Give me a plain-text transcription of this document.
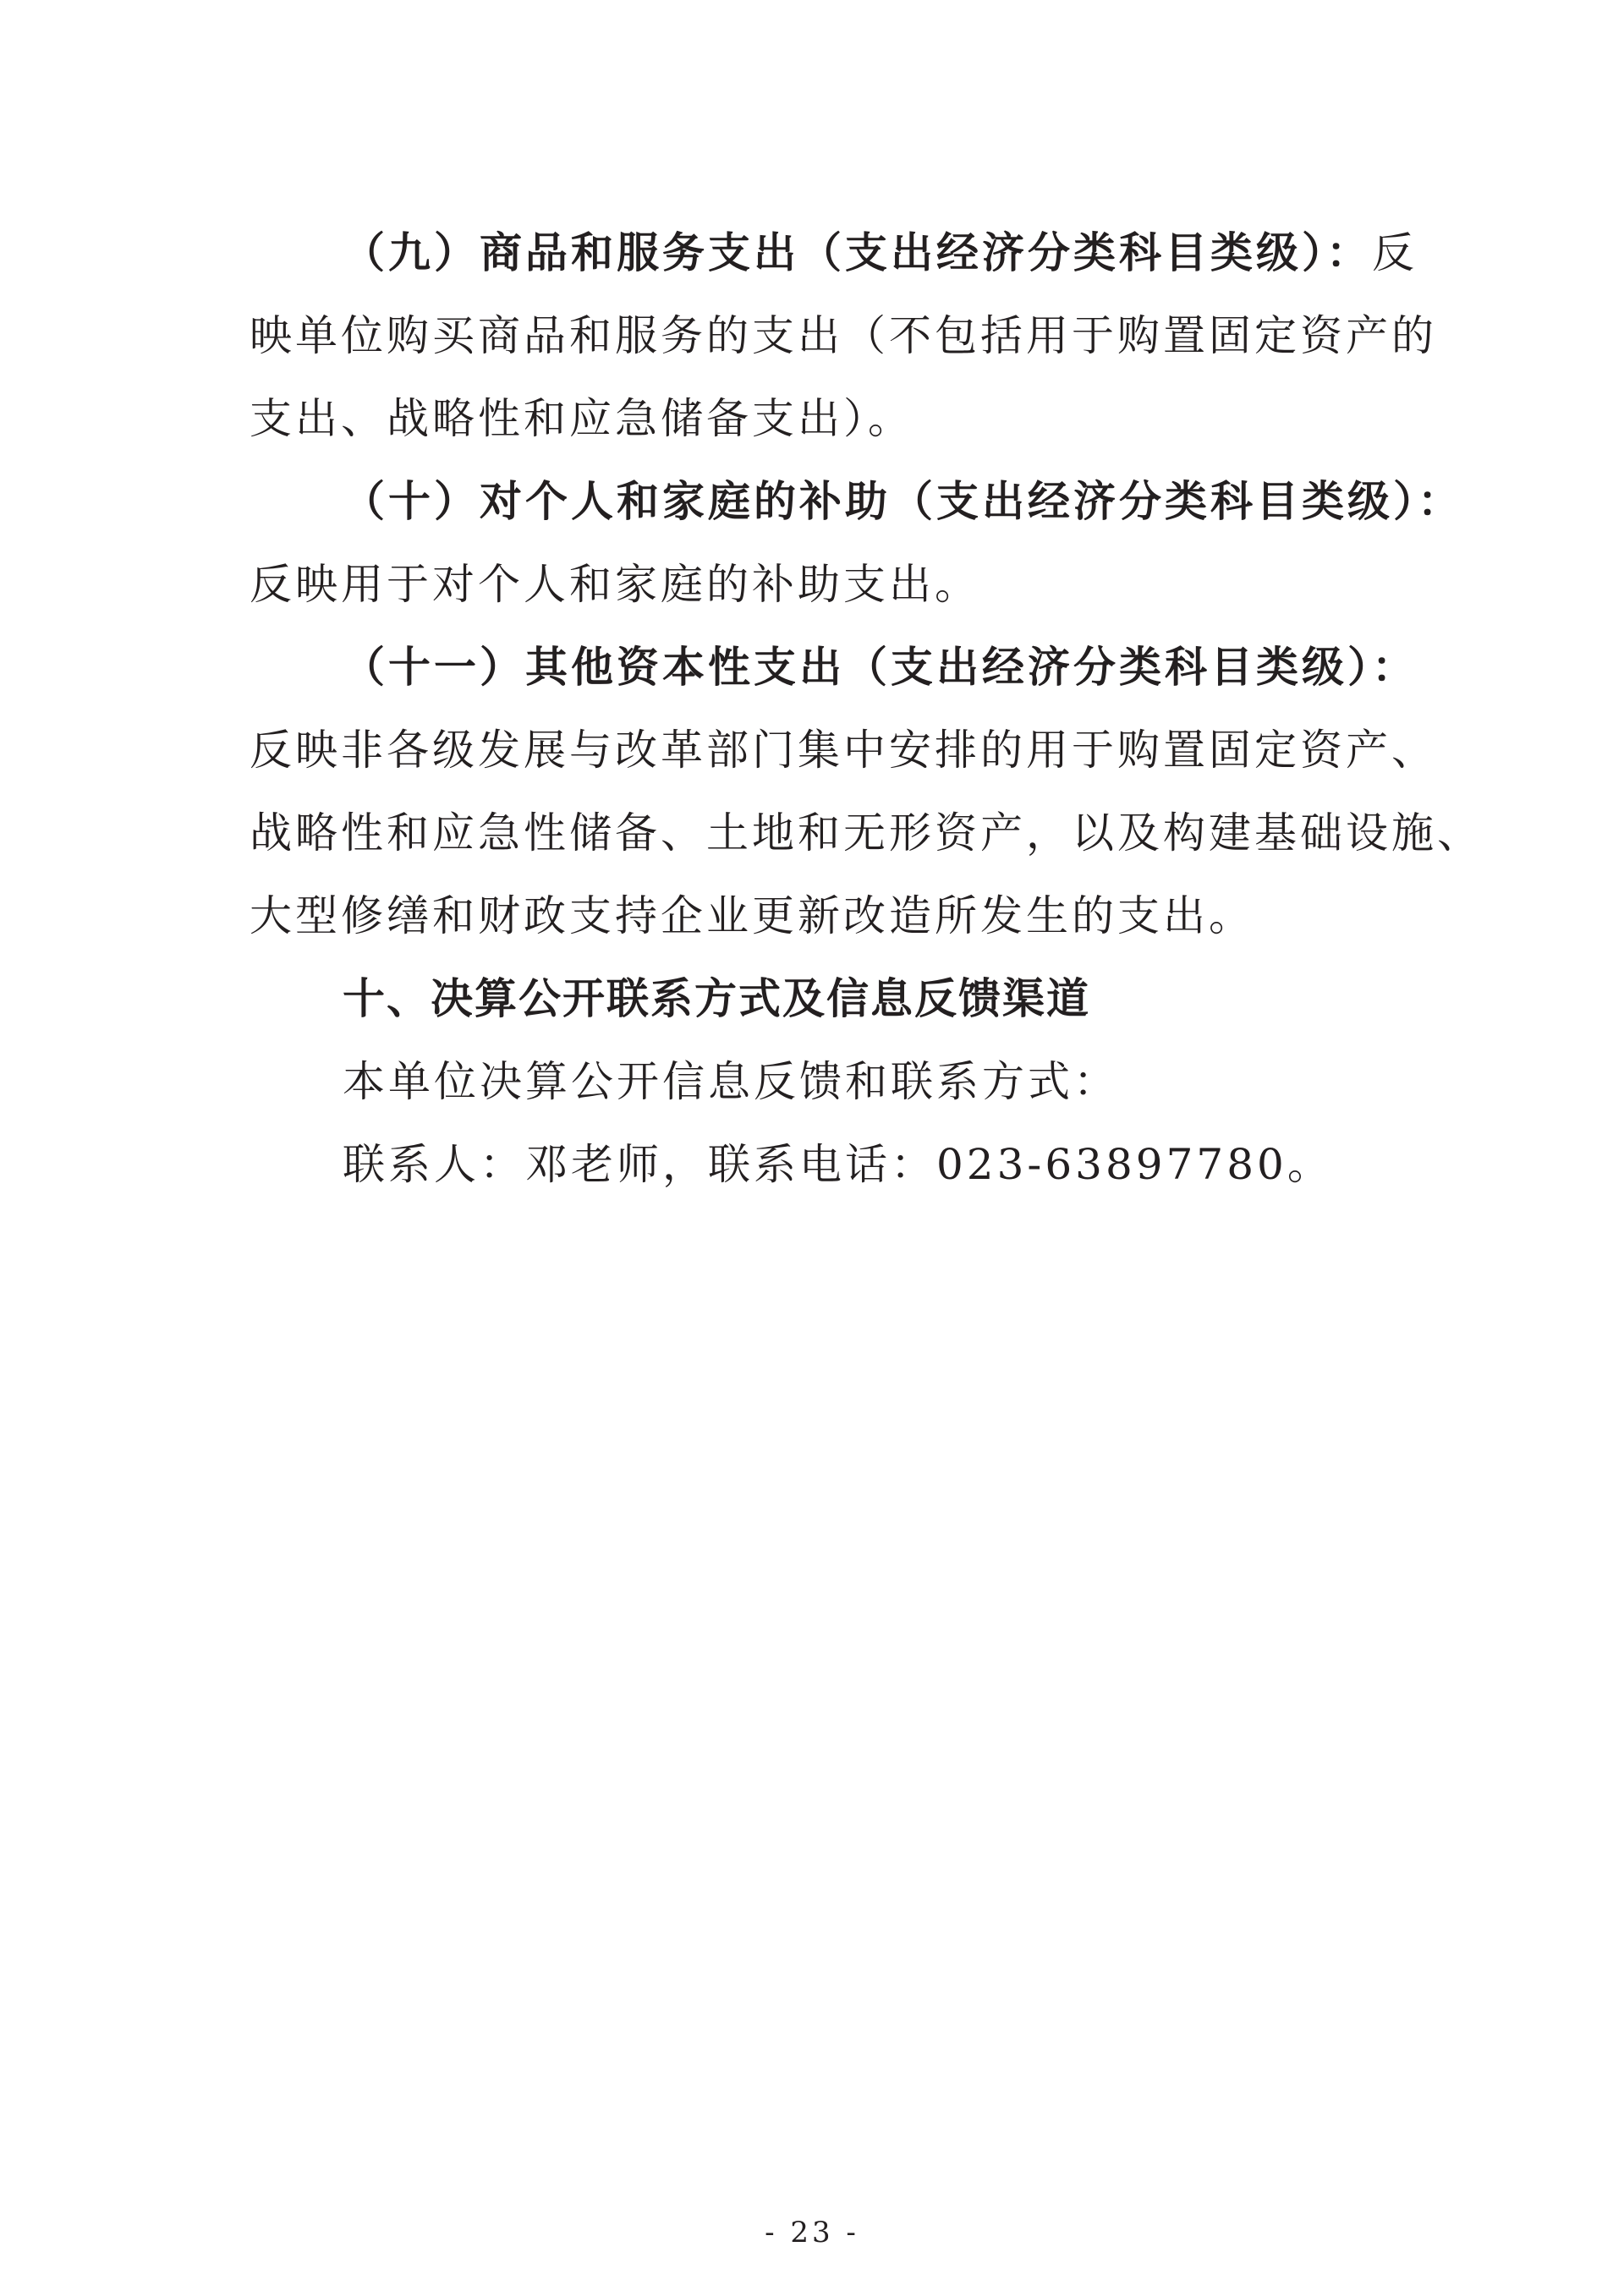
（九）商品和服务支出（支出经济分类科目类级）：反
映单位购买商品和服务的支出（不包括用于购置固定资产的
支出、战略性和应急储备支出）。
（十）对个人和家庭的补助（支出经济分类科目类级）：
反映用于对个人和家庭的补助支出。
（十一）其他资本性支出（支出经济分类科目类级）：
反映非各级发展与改革部门集中安排的用于购置固定资产、
战略性和应急性储备、土地和无形资产，以及构建基础设施、
大型修缮和财政支持企业更新改造所发生的支出。
十、决算公开联系方式及信息反馈渠道
本单位决算公开信息反馈和联系方式：
联系人：邓老师，联系电话：023-63897780。
- 23 -
